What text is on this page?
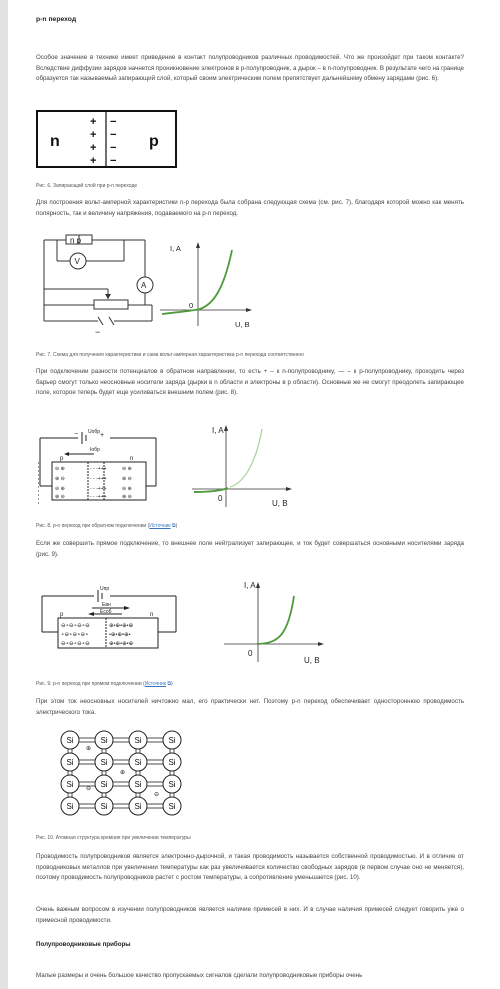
p-n переход

Особое значение в технике имеет приведение в контакт полупроводников различных проводимостей. Что же произойдет при таком контакте? Вследствие диффузии зарядов начнется проникновение электронов в p-полупроводник, а дырок – в n-полупроводник. В результате чего на границе образуется так называемый запирающий слой, который своим электрическим полем препятствует дальнейшему обмену зарядами (рис. 6).

n	p
+
+
+
+
−
−
−
−
Рис. 6. Запирающий слой при p-n переходе

Для построения вольт-амперной характеристики n-p перехода была собрана следующая схема (см. рис. 7), благодаря которой можно как менять полярность, так и величину напряжения, подаваемого на p-n переход.

n p
V
A
−
I, A
U, B
0
Рис. 7. Схема для получения характеристики и сама вольт-амперная характеристика p-n перехода соответственно

При подключении разности потенциалов в обратном направлении, то есть + – к n-полупроводнику, — – к p-полупроводнику, проходить через барьер смогут только неосновные носители заряда (дырки в n области и электроны в p области). Основные же не смогут преодолеть запирающее поле, которое теперь будет еще усиливаться внешним полем (рис. 8).

Uобр
Iобр
−	+
p	n
⊖ ⊕
⊕ ⊖
⊖ ⊕
⊕ ⊖
- - -+++
- - -+++
- - -+++
- - -+++
⊖ ⊕
⊕ ⊖
⊖ ⊕
⊕ ⊖
I, A
U, B
0
Рис. 8. p-n переход при обратном подключении (Источник ⧉)

Если же совершить прямое подключение, то внешнее поле нейтрализует запирающее, и ток будет совершаться основными носителями заряда (рис. 9).

Uпр
Eвн
Eсоб
p	n
⊖∘⊖∘⊖∘⊖
∘⊖∘⊖∘⊖∘
⊖∘⊖∘⊖∘⊖
⊕•⊕•⊕•⊕
•⊕•⊕•⊕•
⊕•⊕•⊕•⊕
I, A
U, B
0
Рис. 9. p-n переход при прямом подключении (Источник ⧉)

При этом ток неосновных носителей ничтожно мал, его практически нет. Поэтому p-n переход обеспечивает одностороннюю проводимость электрического тока.

Si	Si	Si	Si
Si	Si	Si	Si
Si	Si	Si	Si
Si	Si	Si	Si
⊕
⊕
⊖
⊖
Рис. 10. Атомная структура кремния при увеличении температуры

Проводимость полупроводников является электронно-дырочной, и такая проводимость называется собственной проводимостью. И в отличие от проводниковых металлов при увеличении температуры как раз увеличивается количество свободных зарядов (в первом случае оно не меняется), поэтому проводимость полупроводников растет с ростом температуры, а сопротивление уменьшается (рис. 10).

Очень важным вопросом в изучении полупроводников является наличие примесей в них. И в случае наличия примесей следует говорить уже о примесной проводимости.

Полупроводниковые приборы

Малые размеры и очень большое качество пропускаемых сигналов сделали полупроводниковые приборы очень
